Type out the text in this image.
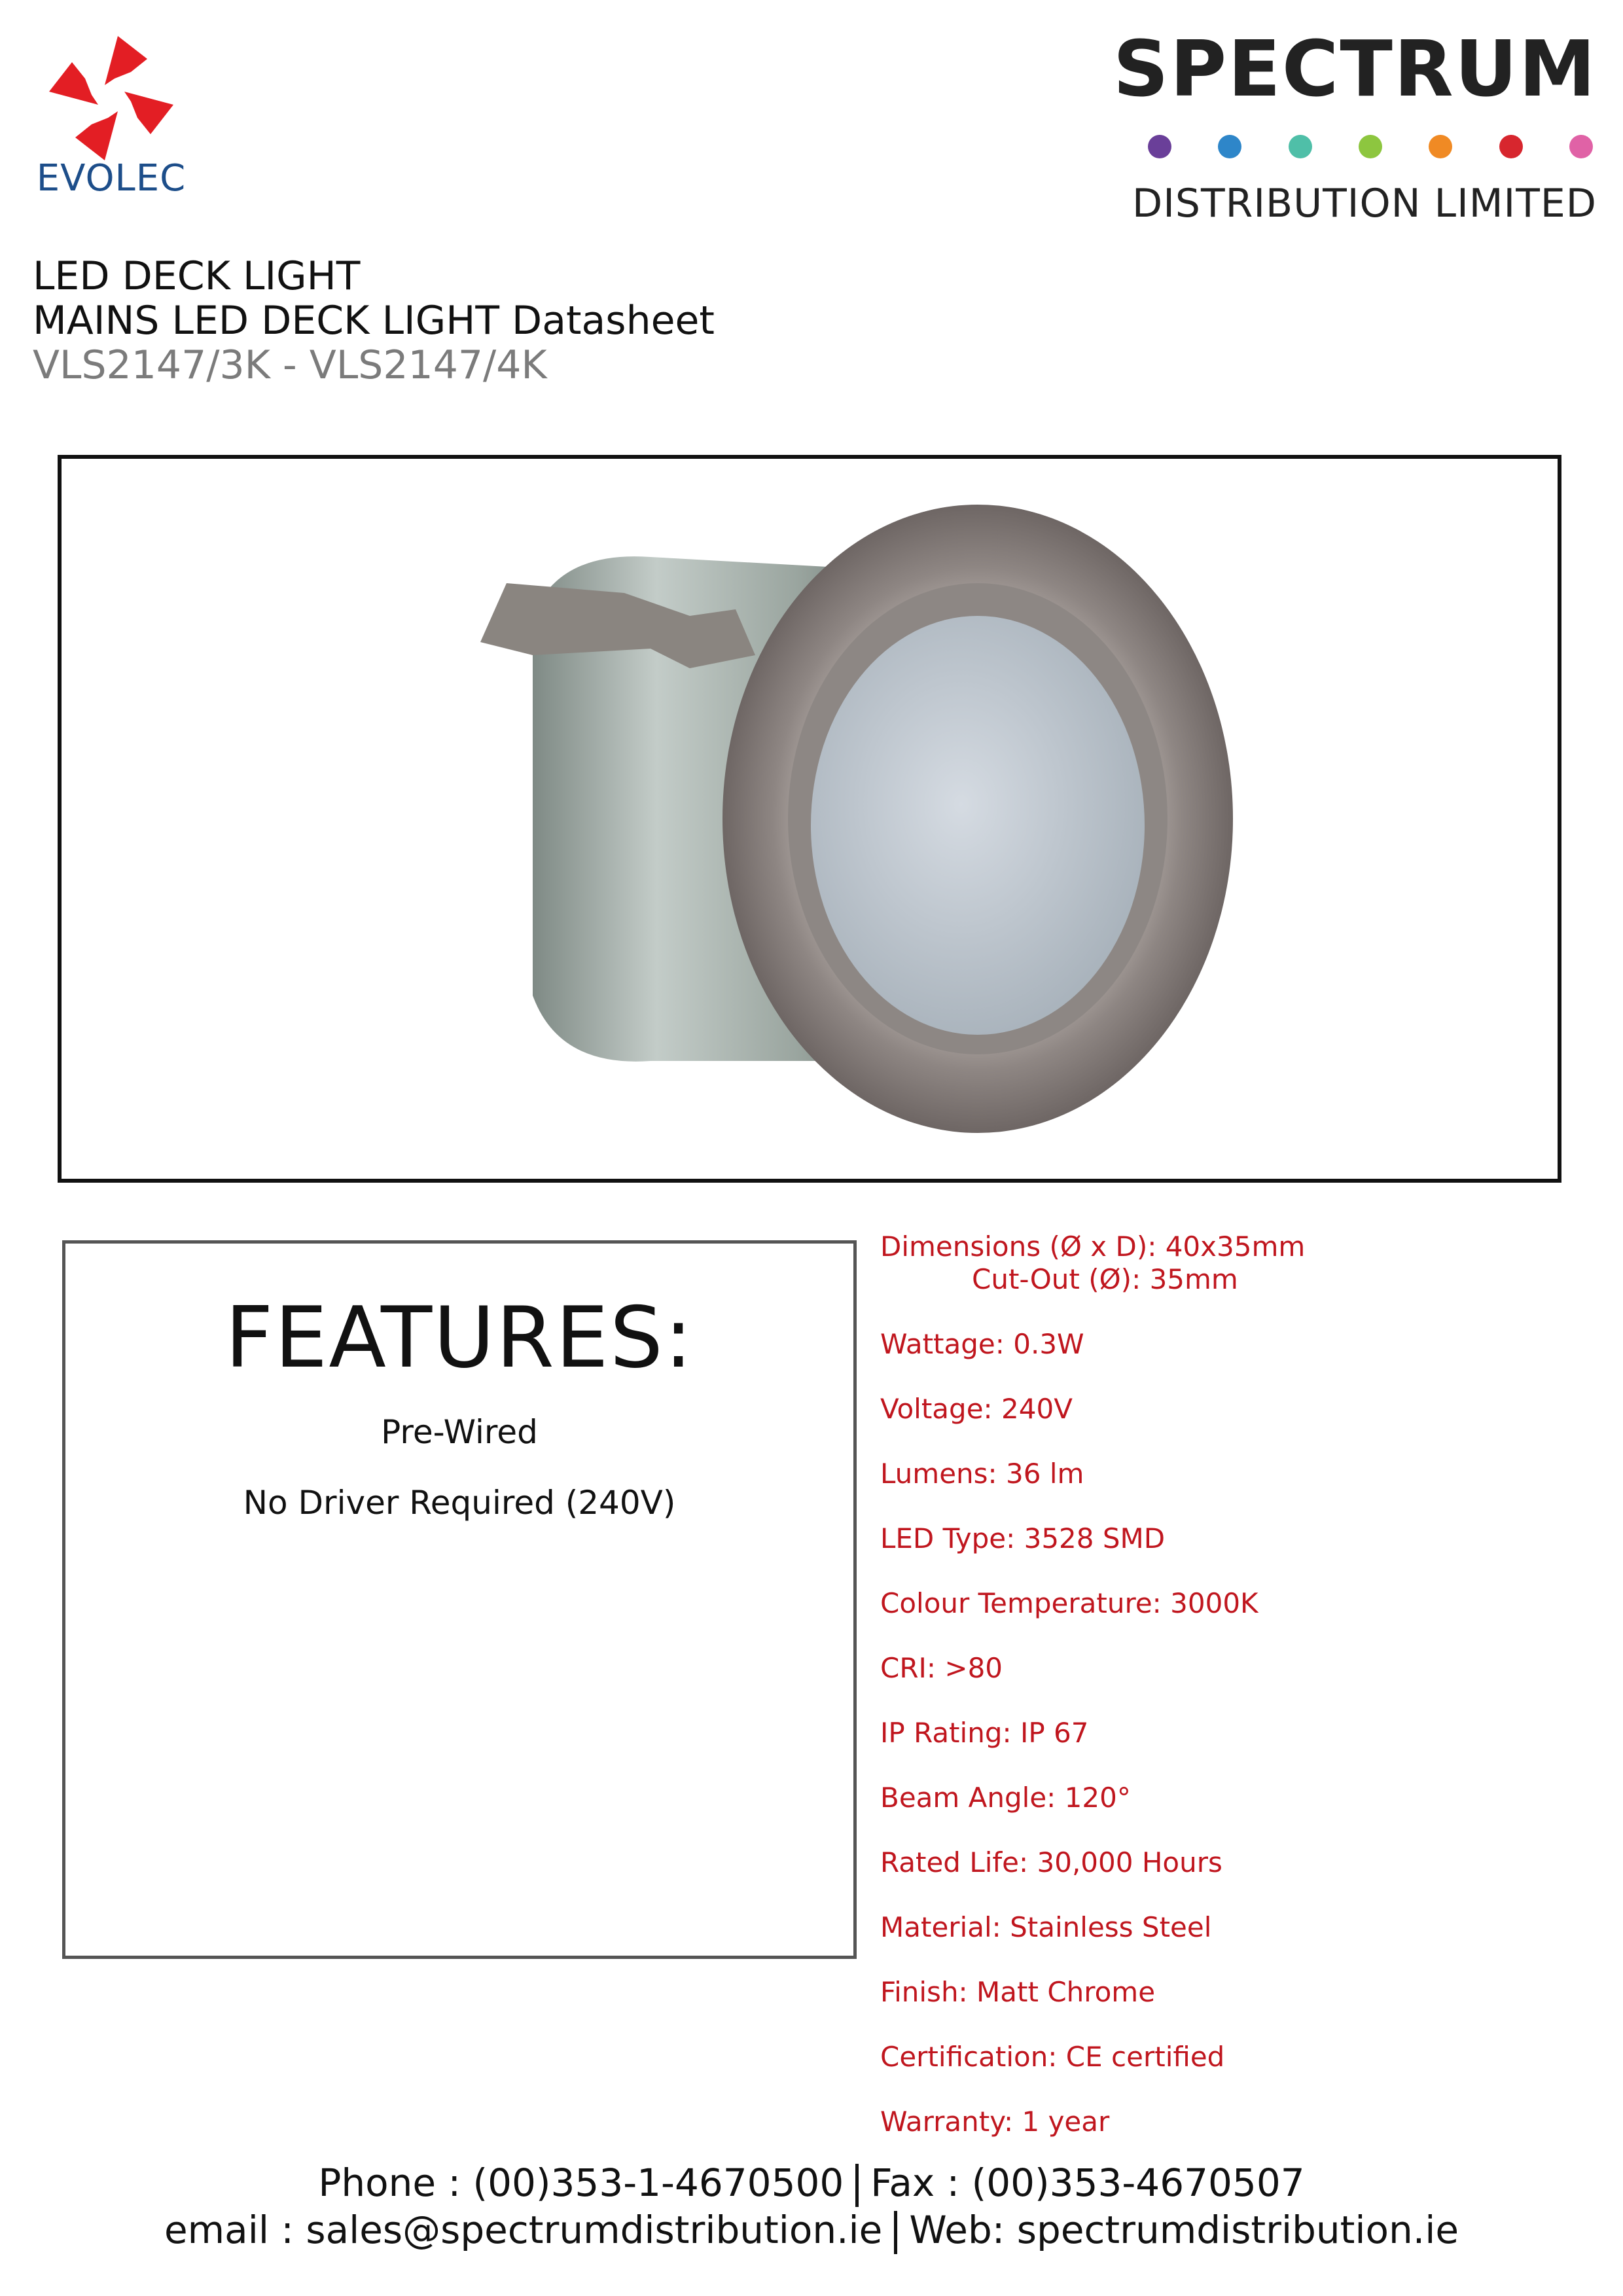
EVOLEC
SPECTRUM
DISTRIBUTION LIMITED
LED DECK LIGHT
MAINS LED DECK LIGHT Datasheet
VLS2147/3K - VLS2147/4K
FEATURES:
Pre-Wired
No Driver Required (240V)
Dimensions (Ø x D): 40x35mm
Cut-Out (Ø): 35mm
Wattage: 0.3W
Voltage: 240V
Lumens: 36 lm
LED Type: 3528 SMD
Colour Temperature: 3000K
CRI: >80
IP Rating: IP 67
Beam Angle: 120°
Rated Life: 30,000 Hours
Material: Stainless Steel
Finish: Matt Chrome
Certification: CE certified
Warranty: 1 year
Phone : (00)353-1-4670500 Fax : (00)353-4670507
email : sales@spectrumdistribution.ie Web: spectrumdistribution.ie
